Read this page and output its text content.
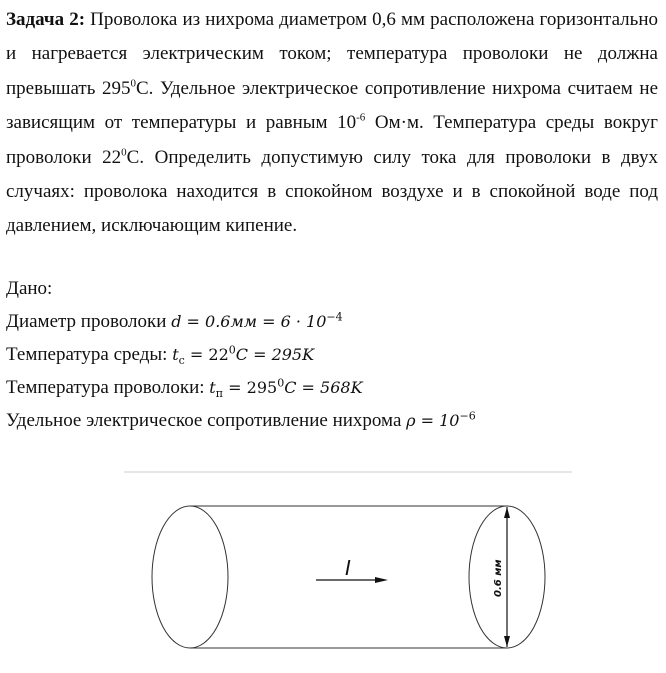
Задача 2: Проволока из нихрома диаметром 0,6 мм расположена горизонтально и нагревается электрическим током; температура проволоки не должна превышать $295^0С$. Удельное электрическое сопротивление нихрома считаем не зависящим от температуры и равным $10^{-6}$ Ом·м. Температура среды вокруг проволоки $22^0С$. Определить допустимую силу тока для проволоки в двух случаях: проволока находится в спокойном воздухе и в спокойной воде под давлением, исключающим кипение.

Дано:
Диаметр проволоки $d = 0.6мм = 6 \cdot 10^{-4}$
Температура среды: $t_с = 22^0C = 295K$
Температура проволоки: $t_п = 295^0C = 568K$
Удельное электрическое сопротивление нихрома $\rho = 10^{-6}$
I	0.6 мм
